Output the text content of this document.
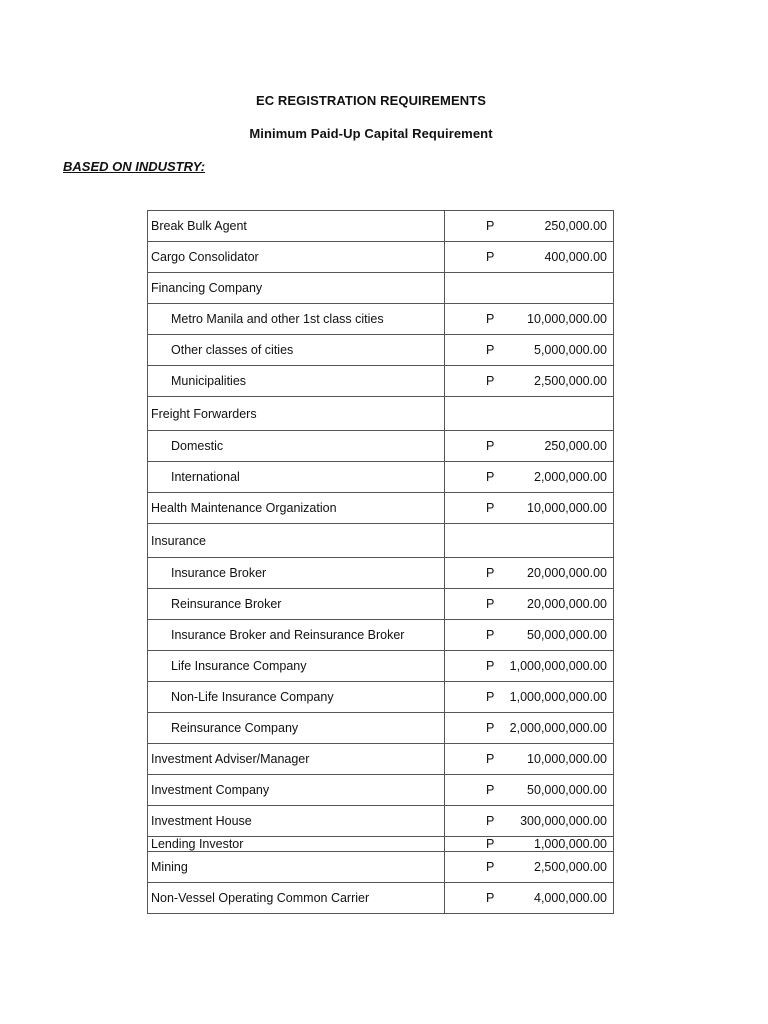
EC REGISTRATION REQUIREMENTS
Minimum Paid-Up Capital Requirement
BASED ON INDUSTRY:
Break Bulk Agent	P 250,000.00

Cargo Consolidator	P 400,000.00

Financing Company	

Metro Manila and other 1st class cities	P 10,000,000.00

Other classes of cities	P 5,000,000.00

Municipalities	P 2,500,000.00

Freight Forwarders	

Domestic	P 250,000.00

International	P 2,000,000.00

Health Maintenance Organization	P 10,000,000.00

Insurance	

Insurance Broker	P 20,000,000.00

Reinsurance Broker	P 20,000,000.00

Insurance Broker and Reinsurance Broker	P 50,000,000.00

Life Insurance Company	P 1,000,000,000.00

Non-Life Insurance Company	P 1,000,000,000.00

Reinsurance Company	P 2,000,000,000.00

Investment Adviser/Manager	P 10,000,000.00

Investment Company	P 50,000,000.00

Investment House	P 300,000,000.00

Lending Investor	P 1,000,000.00

Mining	P 2,500,000.00

Non-Vessel Operating Common Carrier	P 4,000,000.00
